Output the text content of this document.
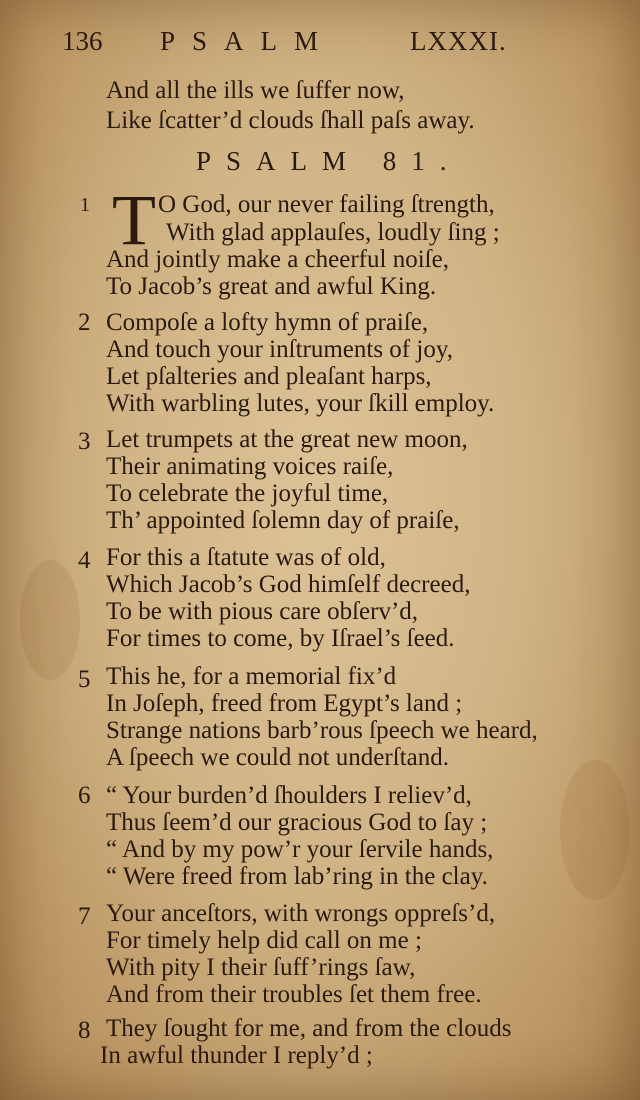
136 PSALM	LXXXI.
And all the ills we ſuffer now,
Like ſcatter’d clouds ſhall paſs away.
PSALM 81.
1 T O God, our never failing ſtrength,
With glad applauſes, loudly ſing ;
And jointly make a cheerful noiſe,
To Jacob’s great and awful King.
2 Compoſe a lofty hymn of praiſe,
And touch your inſtruments of joy,
Let pſalteries and pleaſant harps,
With warbling lutes, your ſkill employ.
3 Let trumpets at the great new moon,
Their animating voices raiſe,
To celebrate the joyful time,
Th’ appointed ſolemn day of praiſe,
4 For this a ſtatute was of old,
Which Jacob’s God himſelf decreed,
To be with pious care obſerv’d,
For times to come, by Iſrael’s ſeed.
5 This he, for a memorial fix’d
In Joſeph, freed from Egypt’s land ;
Strange nations barb’rous ſpeech we heard,
A ſpeech we could not underſtand.
6 “ Your burden’d ſhoulders I reliev’d,
Thus ſeem’d our gracious God to ſay ;
“ And by my pow’r your ſervile hands,
“ Were freed from lab’ring in the clay.
7 Your anceſtors, with wrongs oppreſs’d,
For timely help did call on me ;
With pity I their ſuff’rings ſaw,
And from their troubles ſet them free.
8 They ſought for me, and from the clouds
In awful thunder I reply’d ;
